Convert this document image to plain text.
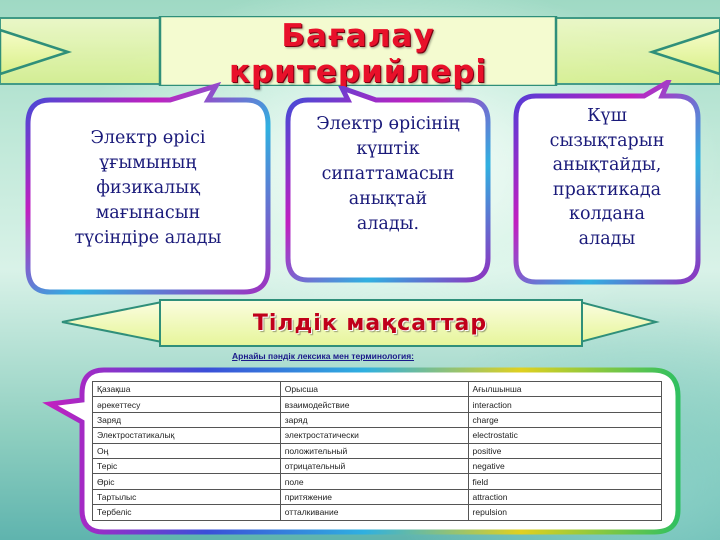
Бағалау
критерийлері
Электр өрісі
ұғымының
физикалық
мағынасын
түсіндіре алады
Электр өрісінің
күштік
сипаттамасын
анықтай
алады.
Күш
сызықтарын
анықтайды,
практикада
колдана
алады
Тілдік мақсаттар
Арнайы пәндік лексика мен терминология:
Қазақша	Орысша	Ағылшынша
әрекеттесу	взаимодействие	interaction
Заряд	заряд	charge
Электростатикалық	электростатически	electrostatic
Оң	положительный	positive
Теріс	отрицательный	negative
Өріс	поле	field
Тартылыс	притяжение	attraction
Тербеліс	отталкивание	repulsion
